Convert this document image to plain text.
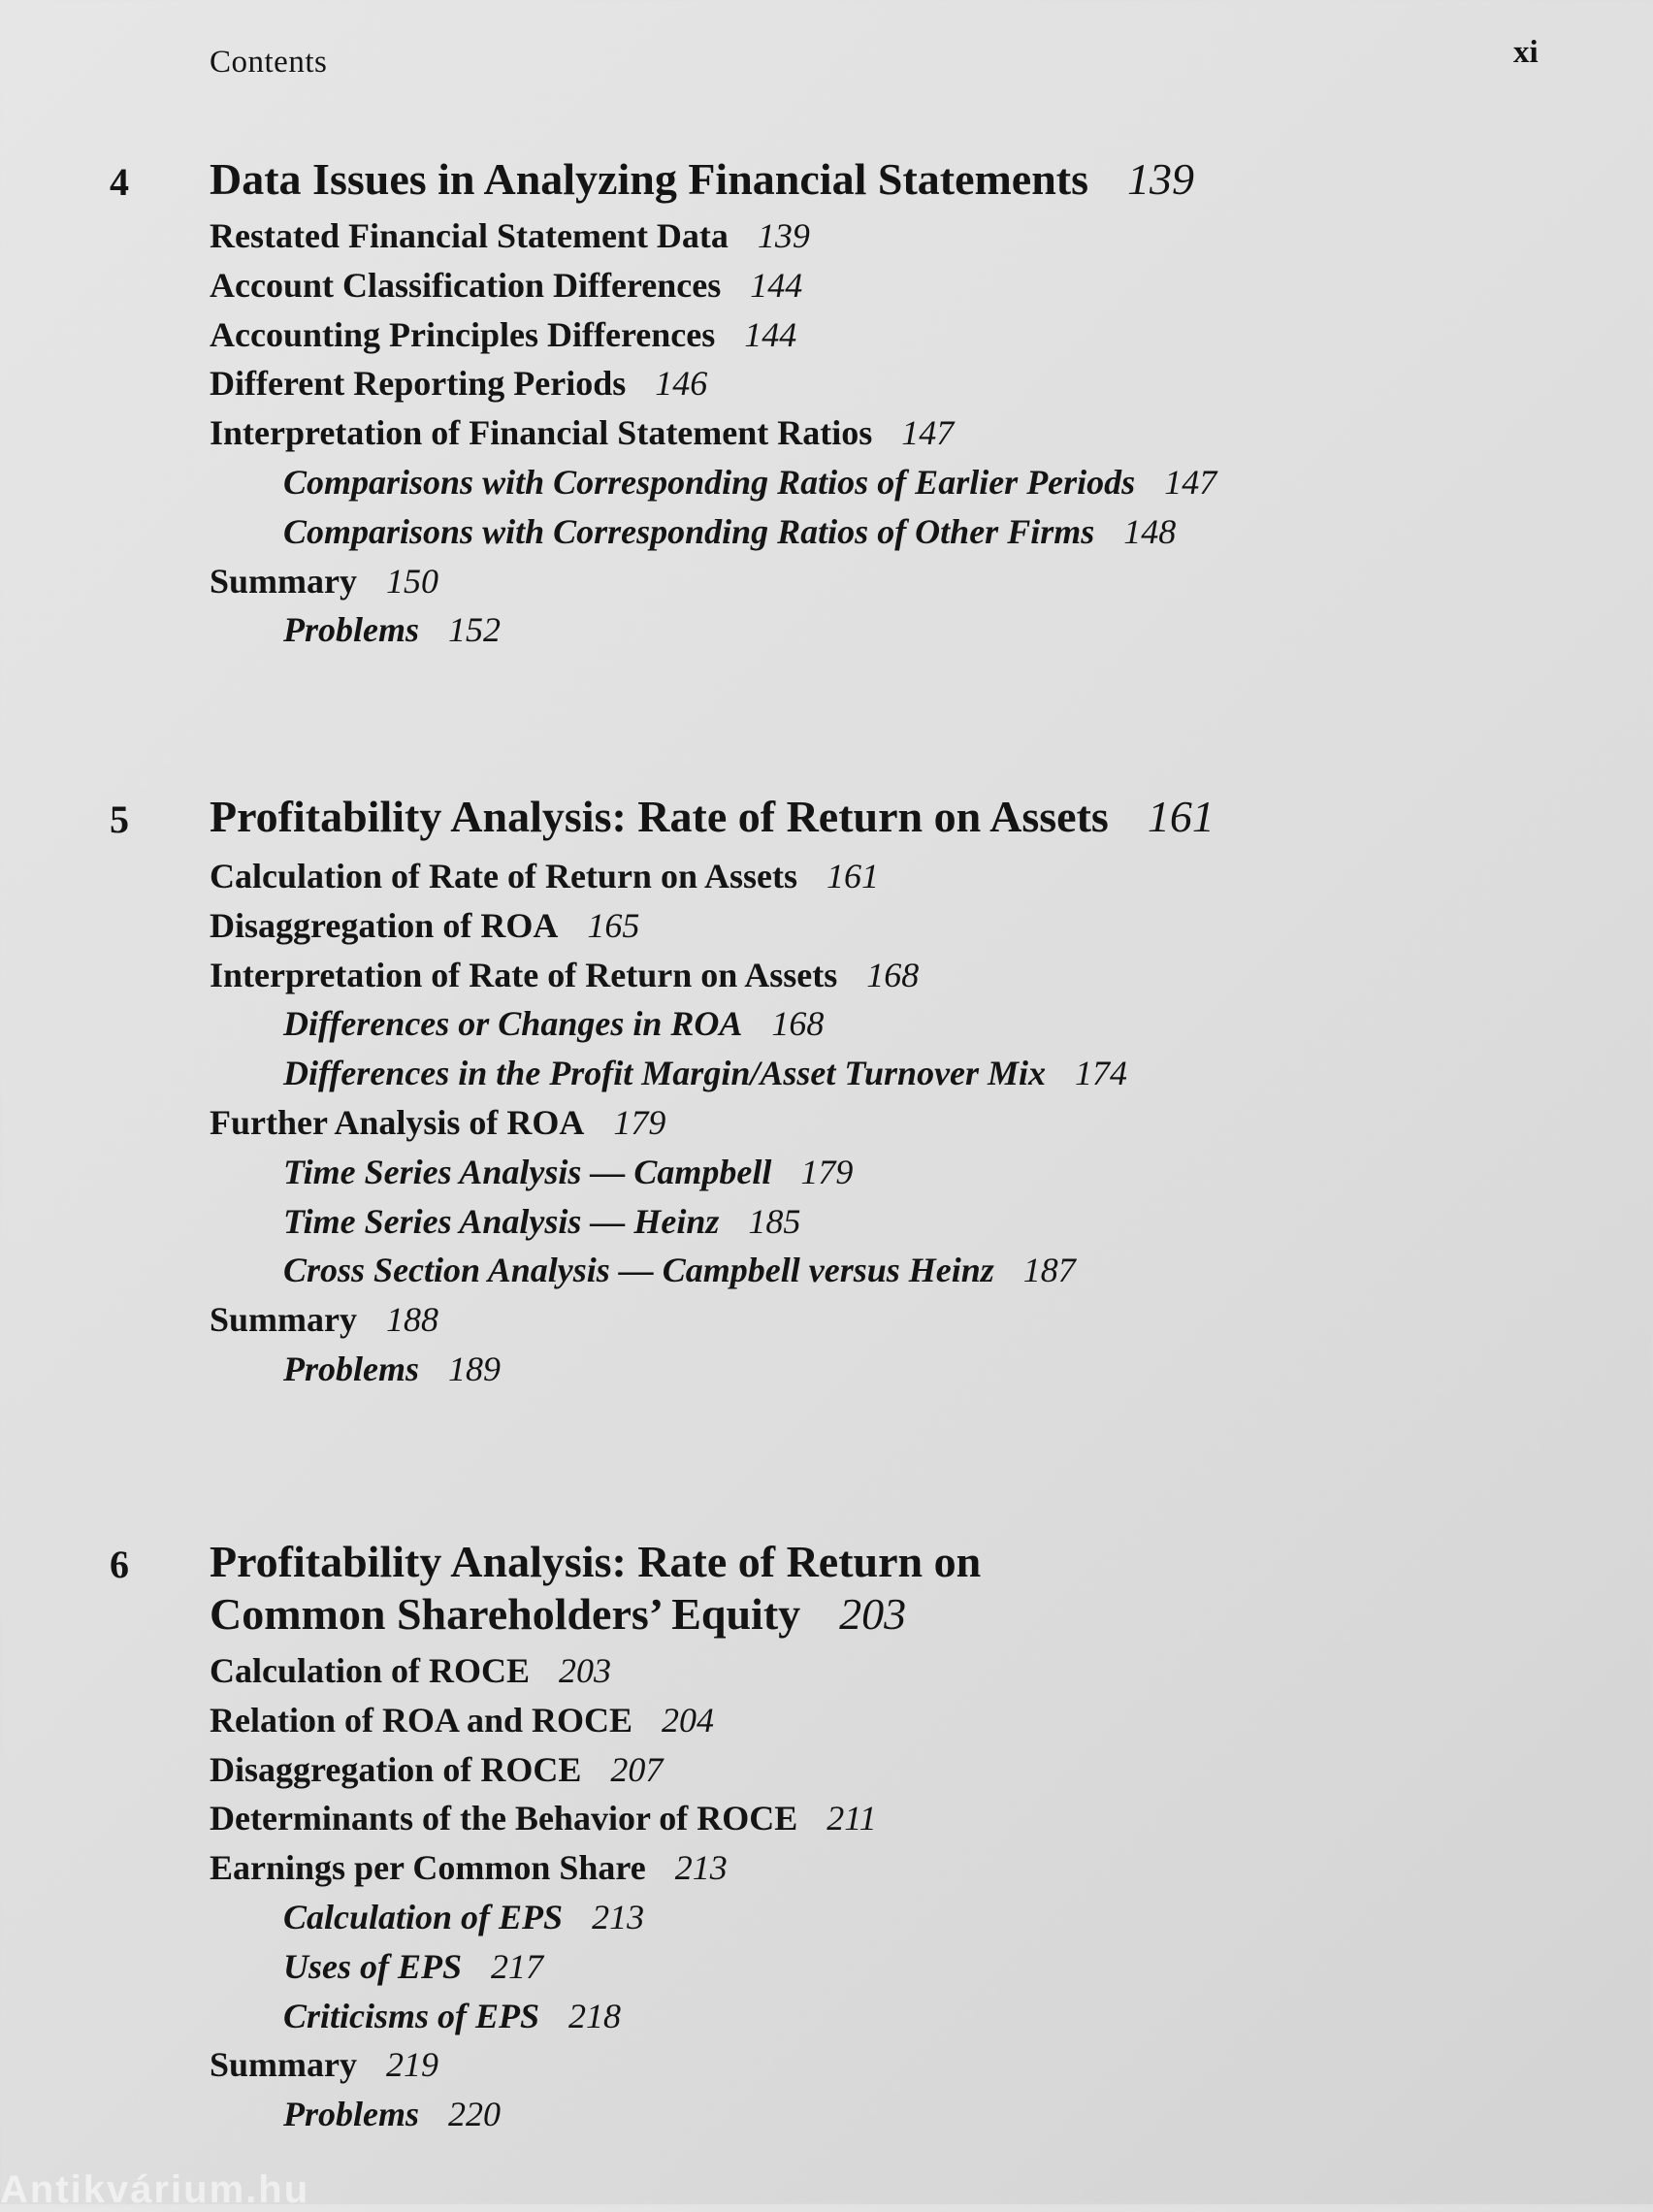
Contents	xi
4 Data Issues in Analyzing Financial Statements 139
Restated Financial Statement Data 139
Account Classification Differences 144
Accounting Principles Differences 144
Different Reporting Periods 146
Interpretation of Financial Statement Ratios 147
Comparisons with Corresponding Ratios of Earlier Periods 147
Comparisons with Corresponding Ratios of Other Firms 148
Summary 150
Problems 152
5 Profitability Analysis: Rate of Return on Assets 161
Calculation of Rate of Return on Assets 161
Disaggregation of ROA 165
Interpretation of Rate of Return on Assets 168
Differences or Changes in ROA 168
Differences in the Profit Margin/Asset Turnover Mix 174
Further Analysis of ROA 179
Time Series Analysis — Campbell 179
Time Series Analysis — Heinz 185
Cross Section Analysis — Campbell versus Heinz 187
Summary 188
Problems 189
6 Profitability Analysis: Rate of Return on
Common Shareholders’ Equity 203
Calculation of ROCE 203
Relation of ROA and ROCE 204
Disaggregation of ROCE 207
Determinants of the Behavior of ROCE 211
Earnings per Common Share 213
Calculation of EPS 213
Uses of EPS 217
Criticisms of EPS 218
Summary 219
Problems 220
Antikvárium.hu
